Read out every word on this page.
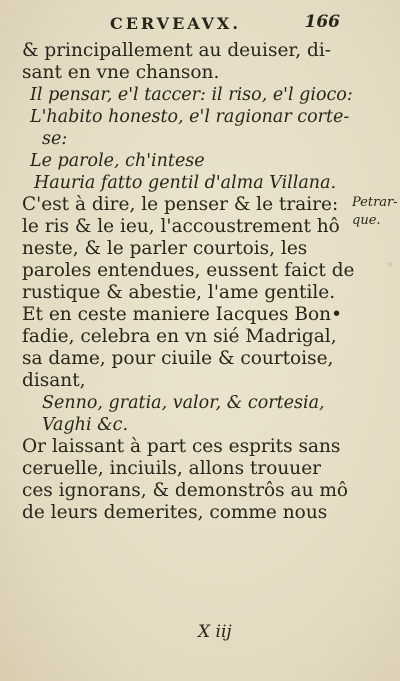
CERVEAVX.	166
& principallement au deuiser, di-
sant en vne chanson.
Il pensar, e'l taccer: il riso, e'l gioco:
L'habito honesto, e'l ragionar corte-
se:
Le parole, ch'intese
Hauria fatto gentil d'alma Villana.
C'est à dire, le penser & le traire:
le ris & le ieu, l'accoustrement hô
neste, & le parler courtois, les
paroles entendues, eussent faict de
rustique & abestie, l'ame gentile.
Et en ceste maniere Iacques Bon•
fadie, celebra en vn sié Madrigal,
sa dame, pour ciuile & courtoise,
disant,
Senno, gratia, valor, & cortesia,
Vaghi &c.
Or laissant à part ces esprits sans
ceruelle, inciuils, allons trouuer
ces ignorans, & demonstrôs au mô
de leurs demerites, comme nous
Petrar-
que.
X iij
